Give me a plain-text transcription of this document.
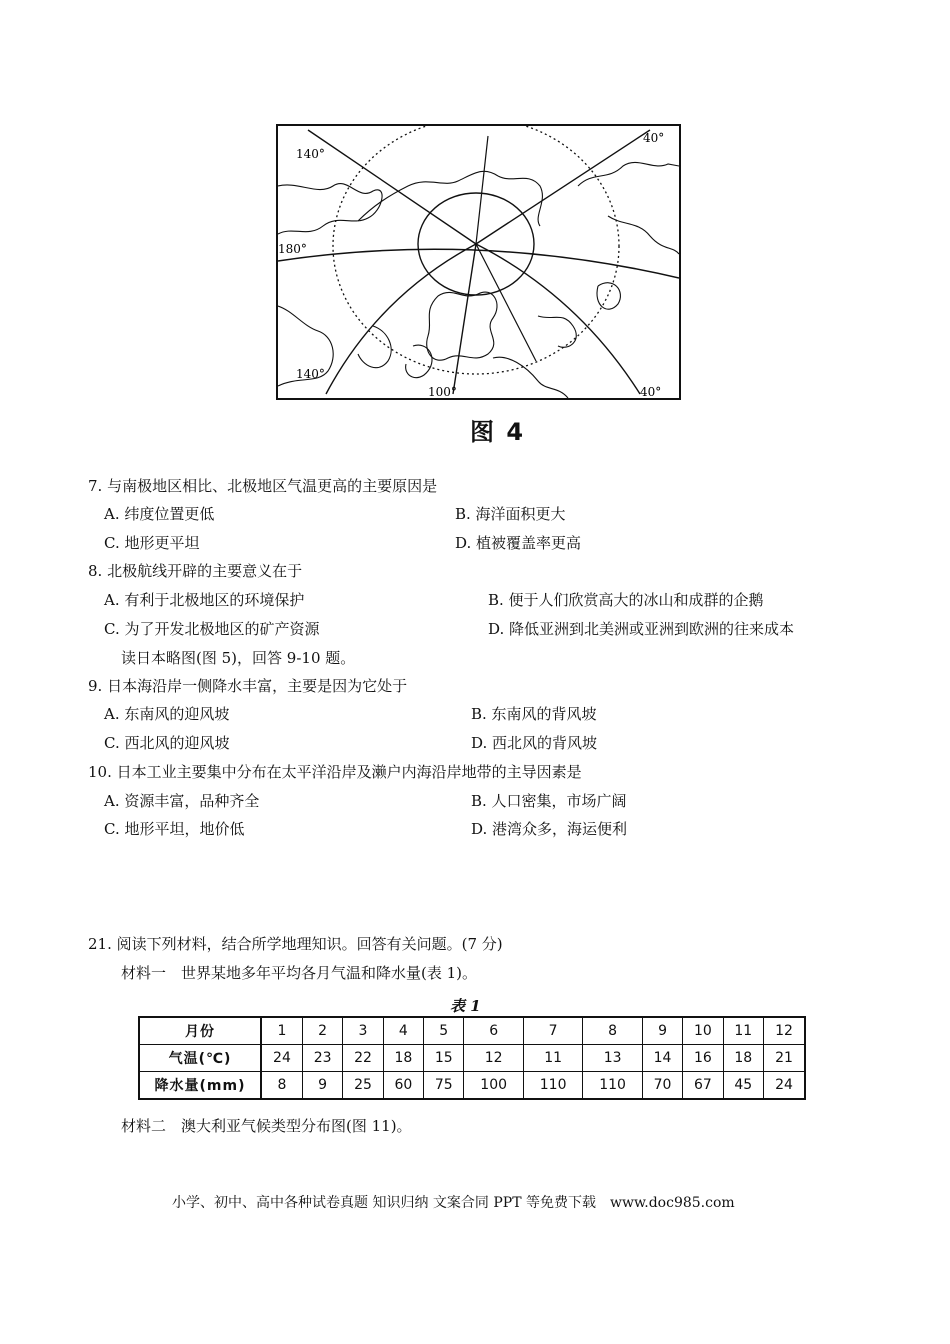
140°
40°
180°
140°
100°	40°
图 4
7. 与南极地区相比、北极地区气温更高的主要原因是
A. 纬度位置更低	B. 海洋面积更大
C. 地形更平坦	D. 植被覆盖率更高
8. 北极航线开辟的主要意义在于
A. 有利于北极地区的环境保护	B. 便于人们欣赏高大的冰山和成群的企鹅
C. 为了开发北极地区的矿产资源	D. 降低亚洲到北美洲或亚洲到欧洲的往来成本
读日本略图(图 5)，回答 9-10 题。
9. 日本海沿岸一侧降水丰富，主要是因为它处于
A. 东南风的迎风坡	B. 东南风的背风坡
C. 西北风的迎风坡	D. 西北风的背风坡
10. 日本工业主要集中分布在太平洋沿岸及濑户内海沿岸地带的主导因素是
A. 资源丰富，品种齐全	B. 人口密集，市场广阔
C. 地形平坦，地价低	D. 港湾众多，海运便利
21. 阅读下列材料，结合所学地理知识。回答有关问题。(7 分)
材料一　世界某地多年平均各月气温和降水量(表 1)。
表 1
月份	1	2	3	4	5	6	7	8	9	10	11	12
气温(℃)	24	23	22	18	15	12	11	13	14	16	18	21
降水量(mm)	8	9	25	60	75	100	110	110	70	67	45	24
材料二　澳大利亚气候类型分布图(图 11)。
小学、初中、高中各种试卷真题 知识归纳 文案合同 PPT 等免费下载　www.doc985.com
